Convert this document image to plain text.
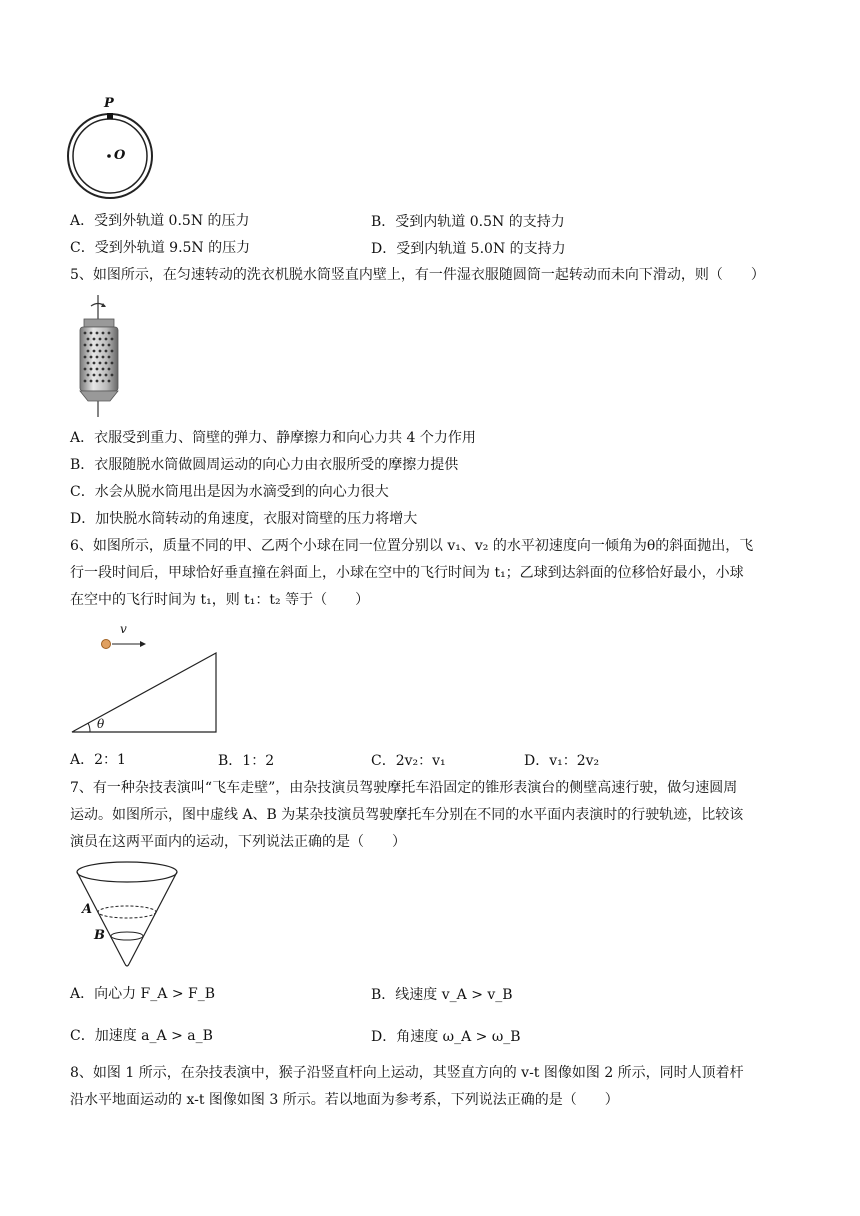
P
O
A．受到外轨道 0.5N 的压力	B．受到内轨道 0.5N 的支持力
C．受到外轨道 9.5N 的压力	D．受到内轨道 5.0N 的支持力
5、如图所示，在匀速转动的洗衣机脱水筒竖直内壁上，有一件湿衣服随圆筒一起转动而未向下滑动，则（　　）
A．衣服受到重力、筒壁的弹力、静摩擦力和向心力共 4 个力作用
B．衣服随脱水筒做圆周运动的向心力由衣服所受的摩擦力提供
C．水会从脱水筒甩出是因为水滴受到的向心力很大
D．加快脱水筒转动的角速度，衣服对筒壁的压力将增大
6、如图所示，质量不同的甲、乙两个小球在同一位置分别以 v₁、v₂ 的水平初速度向一倾角为θ的斜面抛出，飞
行一段时间后，甲球恰好垂直撞在斜面上，小球在空中的飞行时间为 t₁；乙球到达斜面的位移恰好最小，小球
在空中的飞行时间为 t₁，则 t₁：t₂ 等于（　　）
v
θ
A．2：1	B．1：2	C．2v₂：v₁	D．v₁：2v₂
7、有一种杂技表演叫“飞车走壁”，由杂技演员驾驶摩托车沿固定的锥形表演台的侧壁高速行驶，做匀速圆周
运动。如图所示，图中虚线 A、B 为某杂技演员驾驶摩托车分别在不同的水平面内表演时的行驶轨迹，比较该
演员在这两平面内的运动，下列说法正确的是（　　）
A
B
A．向心力 F_A > F_B	B．线速度 v_A > v_B
C．加速度 a_A > a_B	D．角速度 ω_A > ω_B
8、如图 1 所示，在杂技表演中，猴子沿竖直杆向上运动，其竖直方向的 v-t 图像如图 2 所示，同时人顶着杆
沿水平地面运动的 x-t 图像如图 3 所示。若以地面为参考系，下列说法正确的是（　　）
